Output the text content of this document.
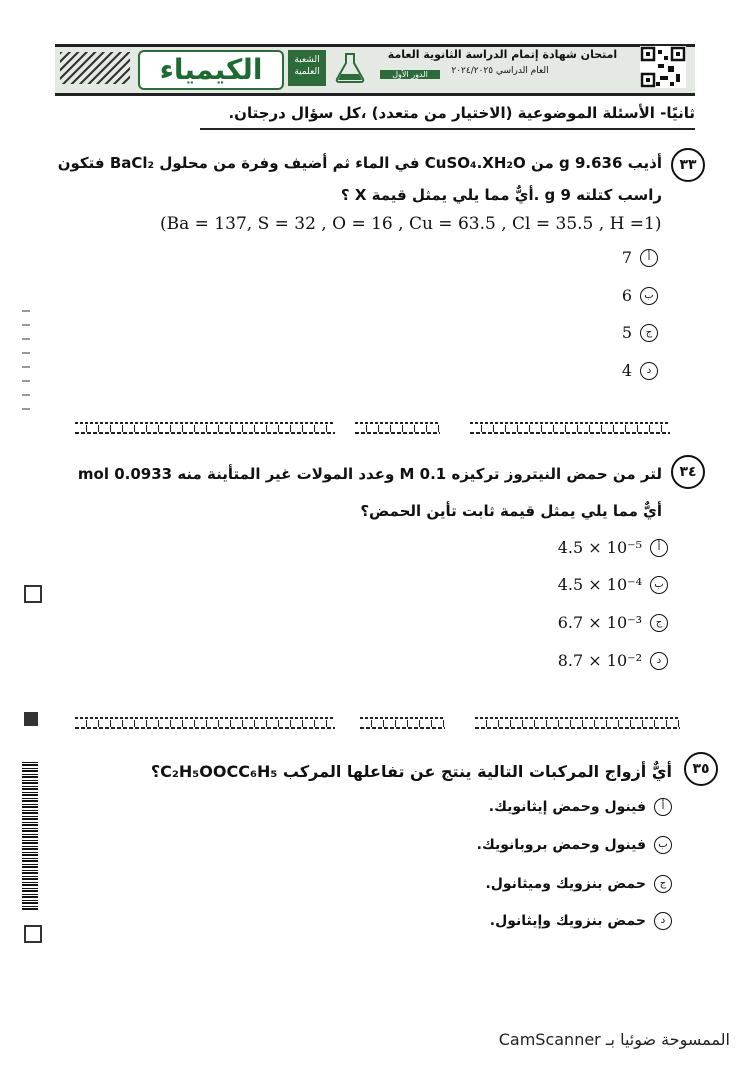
الكيمياء	الشعبة العلمية
امتحان شهادة إتمام الدراسة الثانوية العامة
العام الدراسي ٢٠٢٤/٢٠٢٥
الدور الأول
ثانيًا- الأسئلة الموضوعية (الاختيار من متعدد) ،كل سؤال درجتان.
٣٣
أذيب 9.636 g من CuSO₄.XH₂O في الماء ثم أضيف وفرة من محلول BaCl₂ فتكون
راسب كتلته 9 g .أيٌّ مما يلي يمثل قيمة X ؟
(Ba = 137, S = 32 , O = 16 , Cu = 63.5 , Cl = 35.5 , H =1)
أ
7
ب
6
ج
5
د
4
٣٤
لتر من حمض النيتروز تركيزه 0.1 M وعدد المولات غير المتأينة منه 0.0933 mol
أيٌّ مما يلي يمثل قيمة ثابت تأين الحمض؟
أ
4.5 × 10⁻⁵
ب
4.5 × 10⁻⁴
ج
6.7 × 10⁻³
د
8.7 × 10⁻²
٣٥
أيٌّ أزواج المركبات التالية ينتج عن تفاعلها المركب C₂H₅OOCC₆H₅؟
أ
فينول وحمض إيثانويك.
ب
فينول وحمض بروبانويك.
ج
حمض بنزويك وميثانول.
د
حمض بنزويك وإيثانول.
الممسوحة ضوئيا بـ CamScanner
